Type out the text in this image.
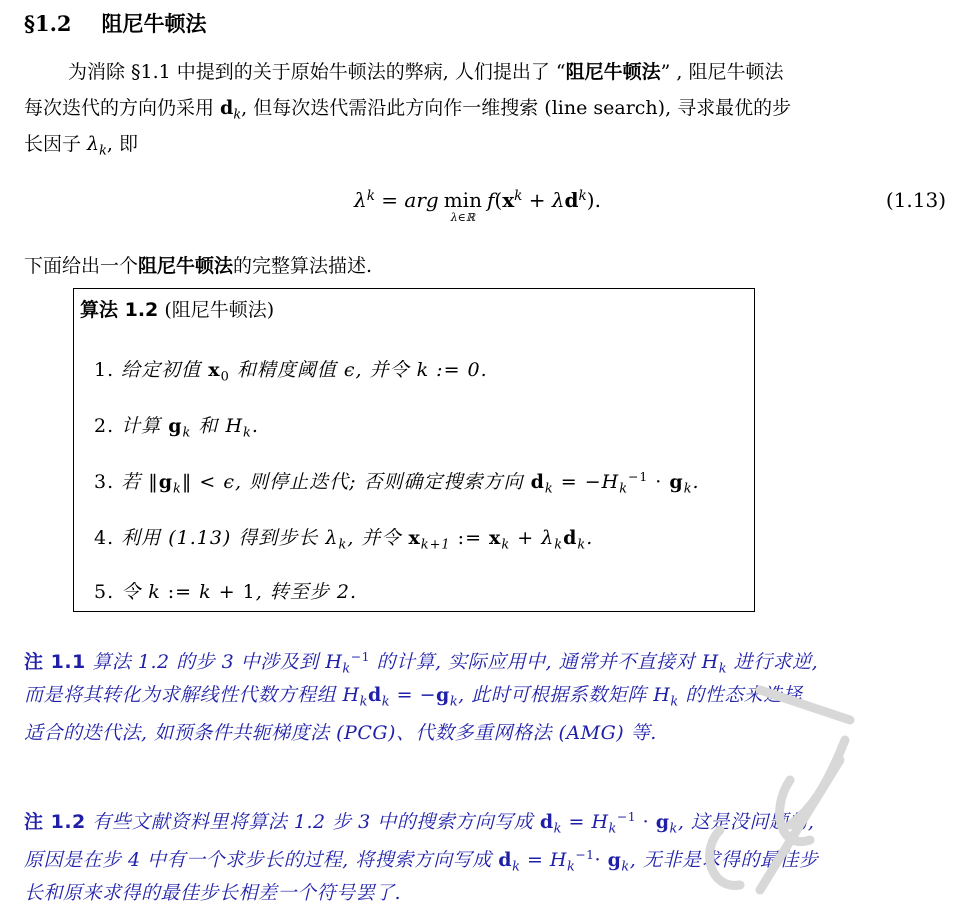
§1.2 阻尼牛顿法
为消除 §1.1 中提到的关于原始牛顿法的弊病, 人们提出了 “阻尼牛顿法” , 阻尼牛顿法
每次迭代的方向仍采用 $d_k$, 但每次迭代需沿此方向作一维搜索 (line search), 寻求最优的步
长因子 $\lambda_k$, 即
λ k = arg min
λ∈ℝ
f ( x k + λ d k ).	(1.13)
下面给出一个阻尼牛顿法的完整算法描述.
算法 1.2 (阻尼牛顿法)
1. 给定初值 $x_0$ 和精度阈值 ϵ, 并令 k := 0.
2. 计算 $g_k$ 和 $H_k$.
3. 若 $‖g_k‖ < \epsilon$, 则停止迭代; 否则确定搜索方向 $d_k = -H_k^{-1} \cdot g_k$.
4. 利用 (1.13) 得到步长 $\lambda_k$, 并令 $x_{k+1}$ := $x_k + \lambda_kd_k$.
5. 令 k := k + 1, 转至步 2.
注 1.1 算法 1.2 的步 3 中涉及到 $H_k^{-1}$ 的计算, 实际应用中, 通常并不直接对 $H_k$ 进行求逆,
而是将其转化为求解线性代数方程组 $H_kd_k = -g_k$, 此时可根据系数矩阵 $H_k$ 的性态来选择
适合的迭代法, 如预条件共轭梯度法 (PCG)、代数多重网格法 (AMG) 等.
注 1.2 有些文献资料里将算法 1.2 步 3 中的搜索方向写成 $d_k = H_k^{-1} \cdot g_k$, 这是没问题的,
原因是在步 4 中有一个求步长的过程, 将搜索方向写成 $d_k = H_k^{-1}\cdot g_k$, 无非是求得的最佳步
长和原来求得的最佳步长相差一个符号罢了.
